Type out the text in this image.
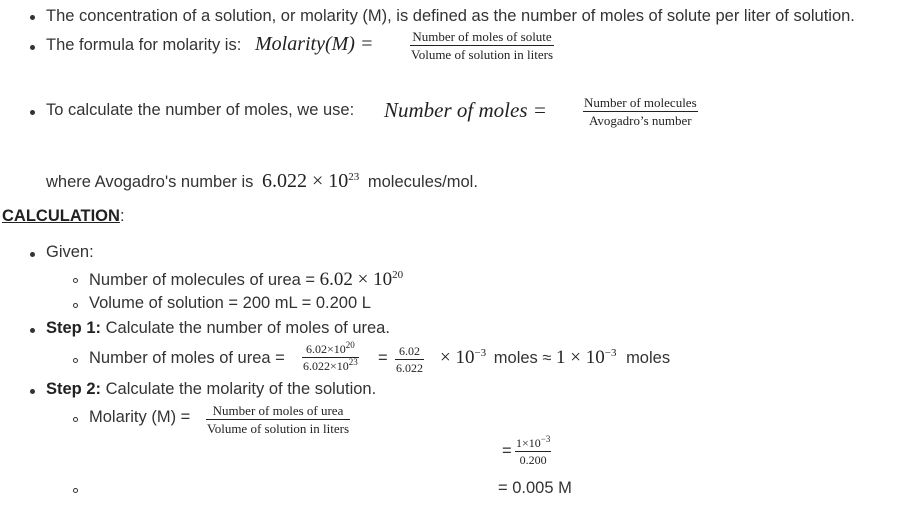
The concentration of a solution, or molarity (M), is defined as the number of moles of solute per liter of solution.
The formula for molarity is: Molarity(M) =	Number of moles of solute
Volume of solution in liters
To calculate the number of moles, we use: Number of moles =	Number of molecules
Avogadro’s number
where Avogadro's number is $6.022 \times 10^{23}$ molecules/mol.
CALCULATION:
Given:
Number of molecules of urea = $6.02 \times 10^{20}$
Volume of solution = 200 mL = 0.200 L
Step 1: Calculate the number of moles of urea.
Number of moles of urea = $6.02\times 10^{20}$
$6.022\times 10^{23} = 6.02$
$6.022 \times 10^{-3}$ moles ≈ $1 \times 10^{-3}$ moles
Step 2: Calculate the molarity of the solution.
Molarity (M) = Number of moles of urea
Volume of solution in liters
= $1\times 10^{-3}$
0.200
= 0.005 M
